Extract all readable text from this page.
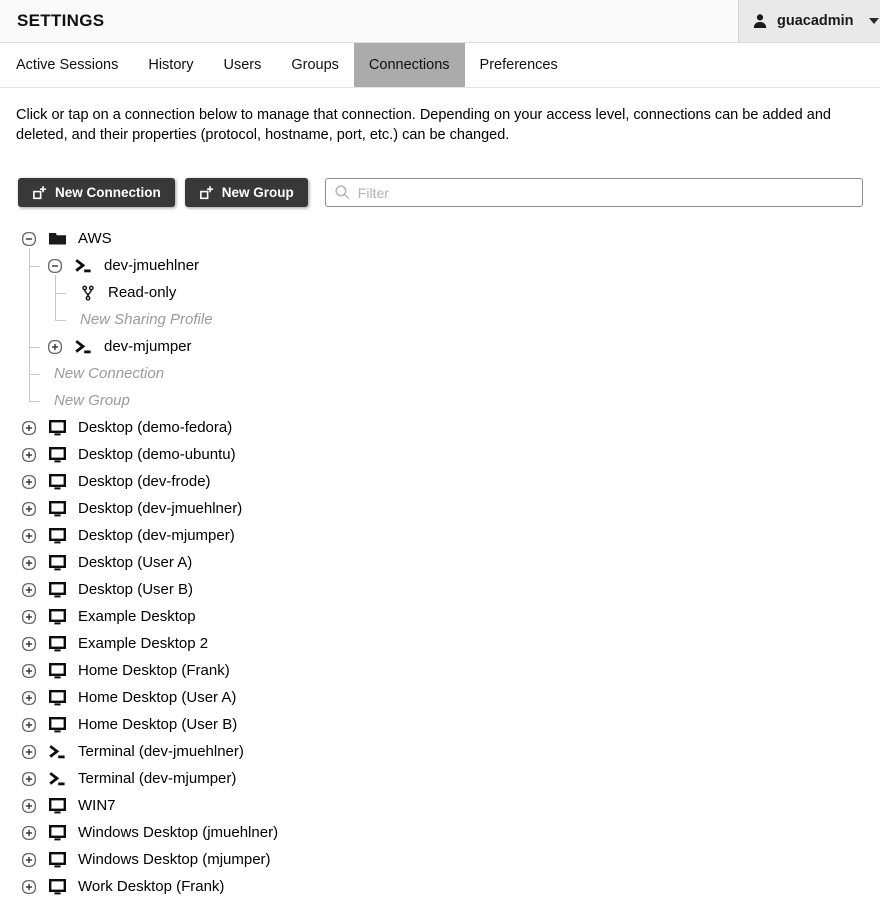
SETTINGS	guacadmin
Active Sessions	History	Users	Groups	Connections	Preferences

Click or tap on a connection below to manage that connection. Depending on your access level, connections can be added and deleted, and their properties (protocol, hostname, port, etc.) can be changed.

New Connection	New Group
Filter
AWS
dev-jmuehlner
Read-only
New Sharing Profile
dev-mjumper
New Connection
New Group
Desktop (demo-fedora)
Desktop (demo-ubuntu)
Desktop (dev-frode)
Desktop (dev-jmuehlner)
Desktop (dev-mjumper)
Desktop (User A)
Desktop (User B)
Example Desktop
Example Desktop 2
Home Desktop (Frank)
Home Desktop (User A)
Home Desktop (User B)
Terminal (dev-jmuehlner)
Terminal (dev-mjumper)
WIN7
Windows Desktop (jmuehlner)
Windows Desktop (mjumper)
Work Desktop (Frank)
